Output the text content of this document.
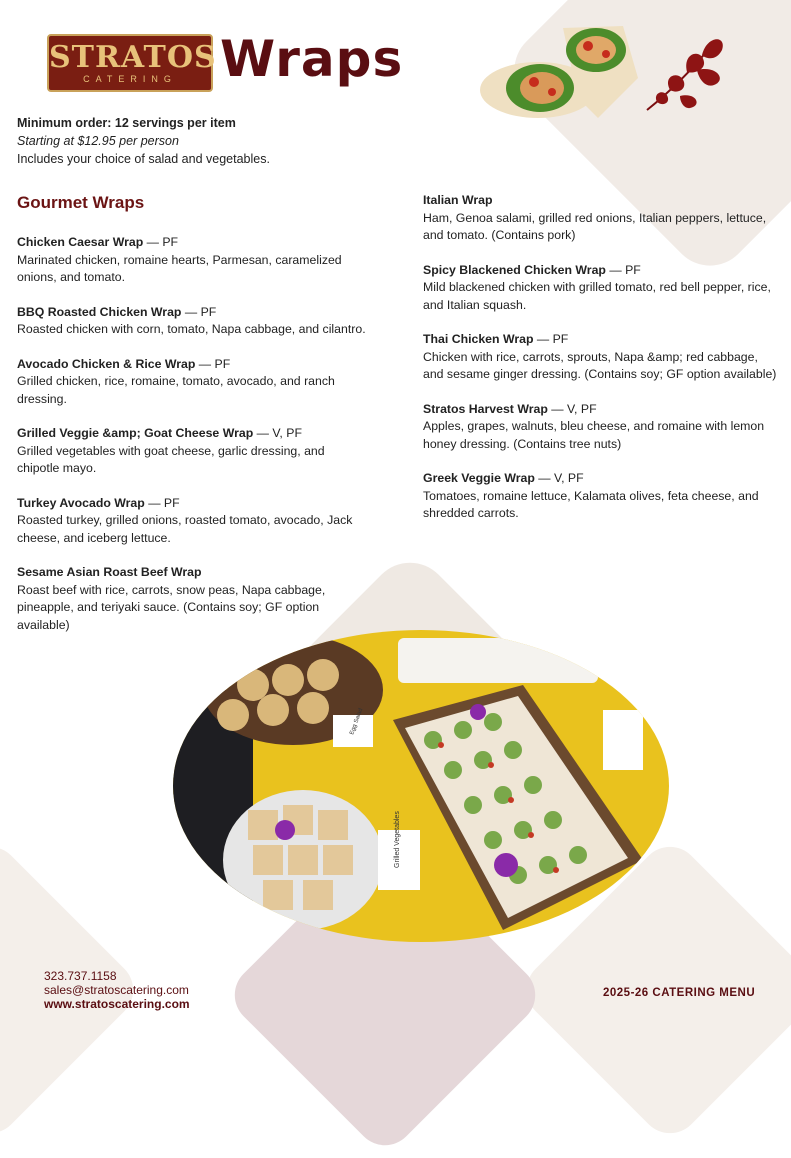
STRATOS
CATERING Wraps
Minimum order: 12 servings per item
Starting at $12.95 per person
Includes your choice of salad and vegetables.
Gourmet Wraps
Chicken Caesar Wrap — PF
Marinated chicken, romaine hearts, Parmesan, caramelized onions, and tomato.
BBQ Roasted Chicken Wrap — PF
Roasted chicken with corn, tomato, Napa cabbage, and cilantro.
Avocado Chicken & Rice Wrap — PF
Grilled chicken, rice, romaine, tomato, avocado, and ranch dressing.
Grilled Veggie &amp; Goat Cheese Wrap — V, PF
Grilled vegetables with goat cheese, garlic dressing, and chipotle mayo.
Turkey Avocado Wrap — PF
Roasted turkey, grilled onions, roasted tomato, avocado, Jack cheese, and iceberg lettuce.
Sesame Asian Roast Beef Wrap
Roast beef with rice, carrots, snow peas, Napa cabbage, pineapple, and teriyaki sauce. (Contains soy; GF option available)
Italian Wrap
Ham, Genoa salami, grilled red onions, Italian peppers, lettuce, and tomato. (Contains pork)
Spicy Blackened Chicken Wrap — PF
Mild blackened chicken with grilled tomato, red bell pepper, rice, and Italian squash.
Thai Chicken Wrap — PF
Chicken with rice, carrots, sprouts, Napa &amp; red cabbage, and sesame ginger dressing. (Contains soy; GF option available)
Stratos Harvest Wrap — V, PF
Apples, grapes, walnuts, bleu cheese, and romaine with lemon honey dressing. (Contains tree nuts)
Greek Veggie Wrap — V, PF
Tomatoes, romaine lettuce, Kalamata olives, feta cheese, and shredded carrots.
Grilled Vegetables
Egg Salad
323.737.1158
sales@stratoscatering.com
www.stratoscatering.com
2025-26 CATERING MENU
